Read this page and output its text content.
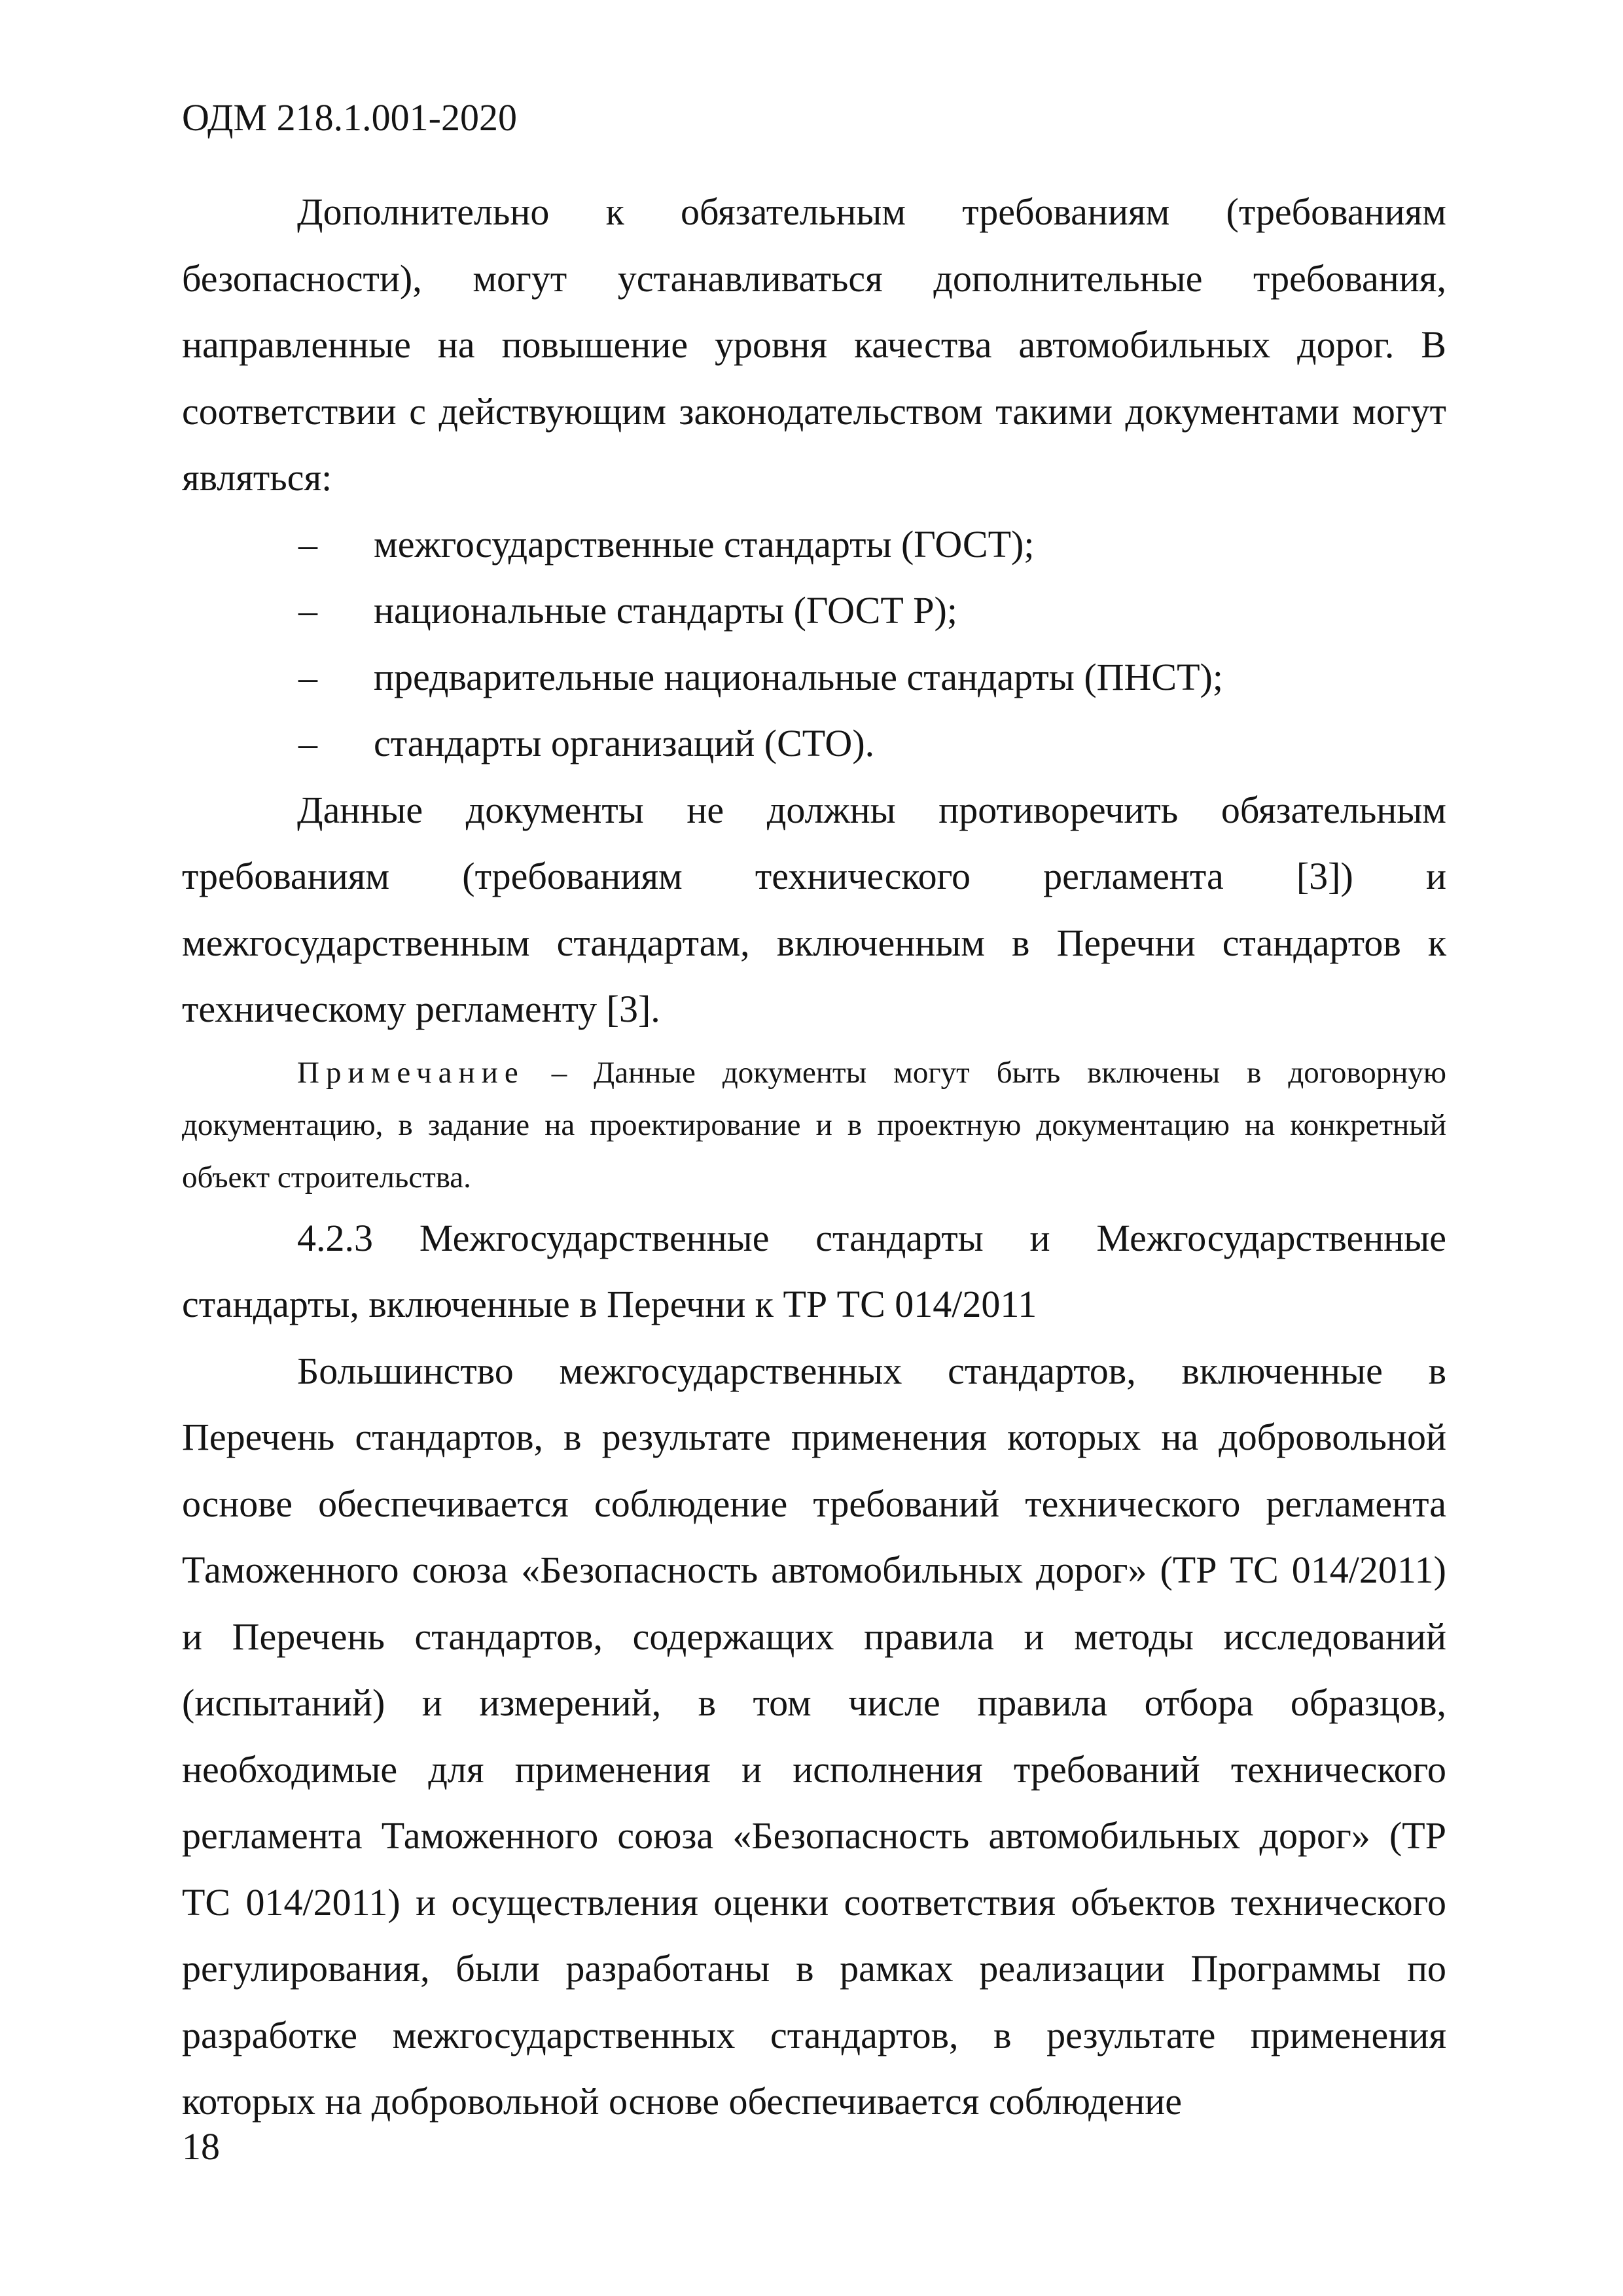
ОДМ 218.1.001-2020

Дополнительно к обязательным требованиям (требованиям безопасности), могут устанавливаться дополнительные требования, направленные на повышение уровня качества автомобильных дорог. В соответствии с действующим законодательством такими документами могут являться:

– межгосударственные стандарты (ГОСТ);

– национальные стандарты (ГОСТ Р);

– предварительные национальные стандарты (ПНСТ);

– стандарты организаций (СТО).

Данные документы не должны противоречить обязательным требованиям (требованиям технического регламента [3]) и межгосударственным стандартам, включенным в Перечни стандартов к техническому регламенту [3].

Примечание – Данные документы могут быть включены в договорную документацию, в задание на проектирование и в проектную документацию на конкретный объект строительства.

4.2.3 Межгосударственные стандарты и Межгосударственные стандарты, включенные в Перечни к ТР ТС 014/2011

Большинство межгосударственных стандартов, включенные в Перечень стандартов, в результате применения которых на добровольной основе обеспечивается соблюдение требований технического регламента Таможенного союза «Безопасность автомобильных дорог» (ТР ТС 014/2011) и Перечень стандартов, содержащих правила и методы исследований (испытаний) и измерений, в том числе правила отбора образцов, необходимые для применения и исполнения требований технического регламента Таможенного союза «Безопасность автомобильных дорог» (ТР ТС 014/2011) и осуществления оценки соответствия объектов технического регулирования, были разработаны в рамках реализации Программы по разработке межгосударственных стандартов, в результате применения которых на добровольной основе обеспечивается соблюдение

18
